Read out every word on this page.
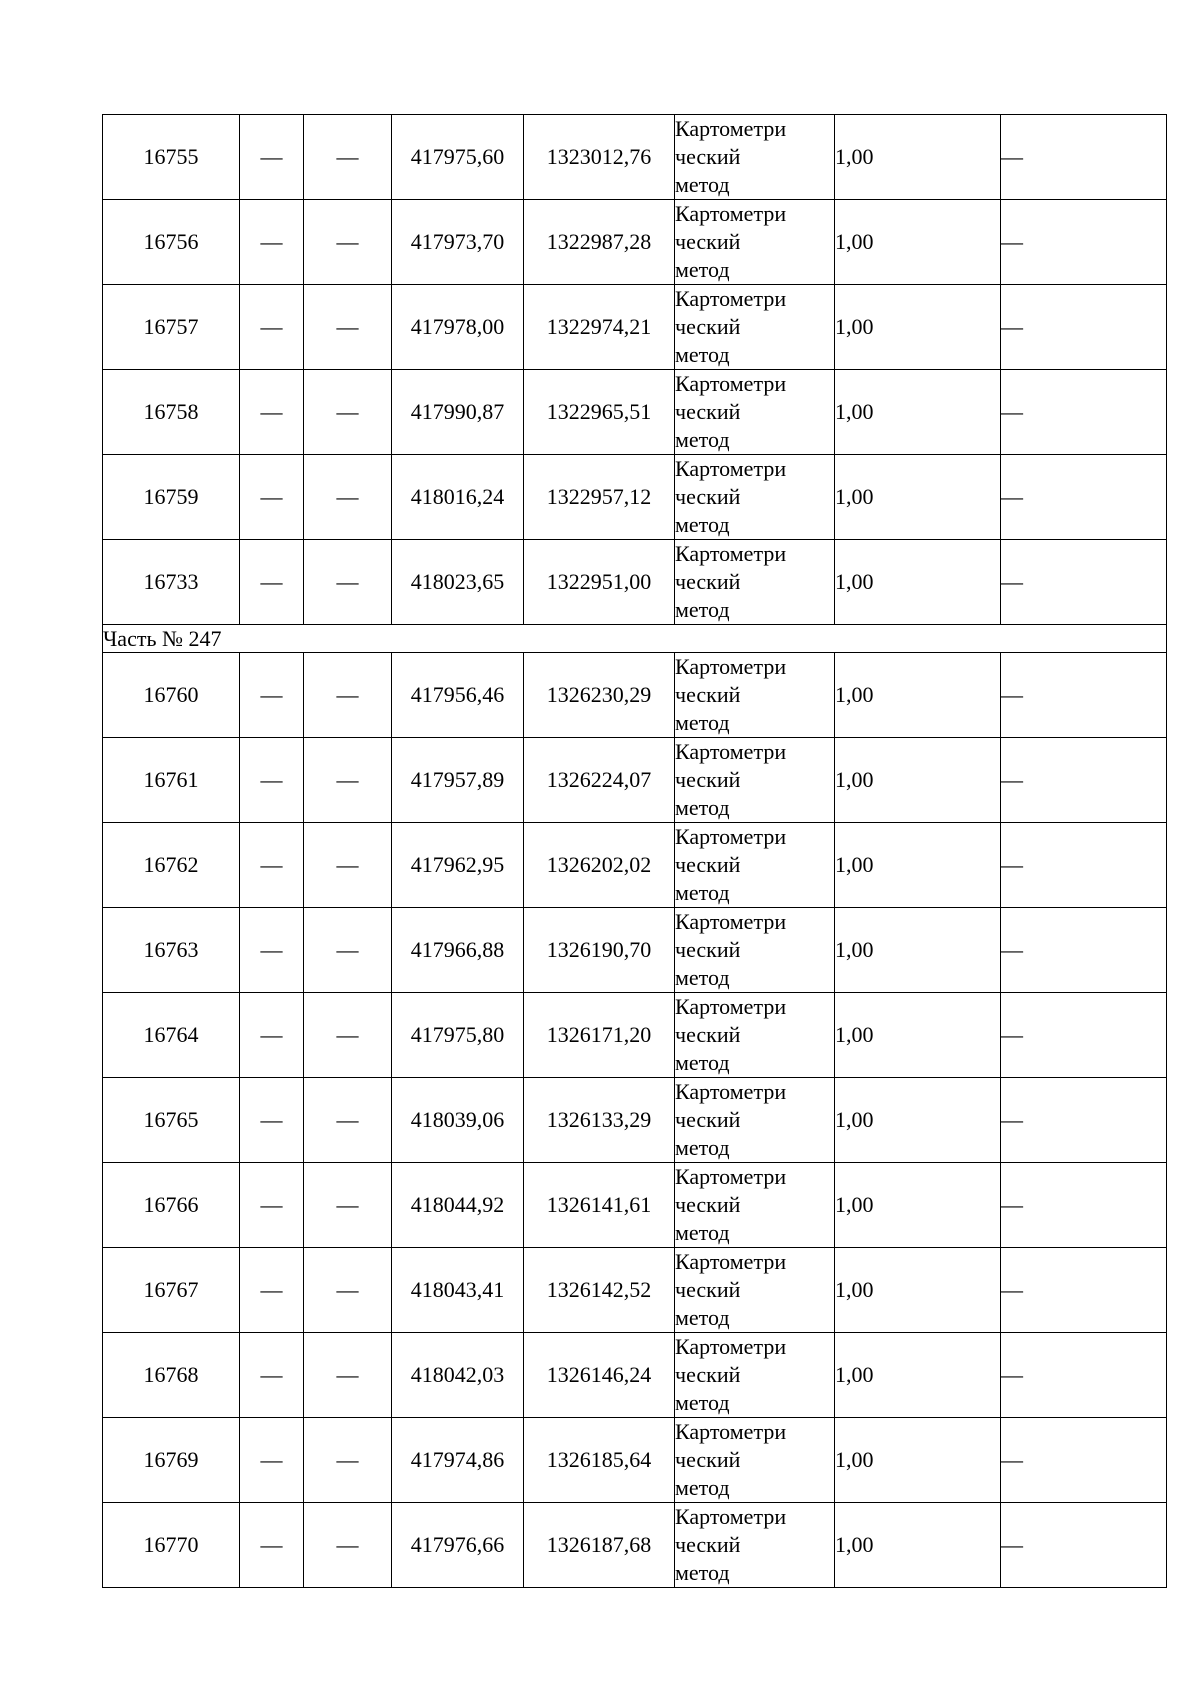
16755	—	—	417975,60	1323012,76	Картометри
ческий
метод	1,00	—
16756	—	—	417973,70	1322987,28	Картометри
ческий
метод	1,00	—
16757	—	—	417978,00	1322974,21	Картометри
ческий
метод	1,00	—
16758	—	—	417990,87	1322965,51	Картометри
ческий
метод	1,00	—
16759	—	—	418016,24	1322957,12	Картометри
ческий
метод	1,00	—
16733	—	—	418023,65	1322951,00	Картометри
ческий
метод	1,00	—
Часть № 247							
16760	—	—	417956,46	1326230,29	Картометри
ческий
метод	1,00	—
16761	—	—	417957,89	1326224,07	Картометри
ческий
метод	1,00	—
16762	—	—	417962,95	1326202,02	Картометри
ческий
метод	1,00	—
16763	—	—	417966,88	1326190,70	Картометри
ческий
метод	1,00	—
16764	—	—	417975,80	1326171,20	Картометри
ческий
метод	1,00	—
16765	—	—	418039,06	1326133,29	Картометри
ческий
метод	1,00	—
16766	—	—	418044,92	1326141,61	Картометри
ческий
метод	1,00	—
16767	—	—	418043,41	1326142,52	Картометри
ческий
метод	1,00	—
16768	—	—	418042,03	1326146,24	Картометри
ческий
метод	1,00	—
16769	—	—	417974,86	1326185,64	Картометри
ческий
метод	1,00	—
16770	—	—	417976,66	1326187,68	Картометри
ческий
метод	1,00	—
